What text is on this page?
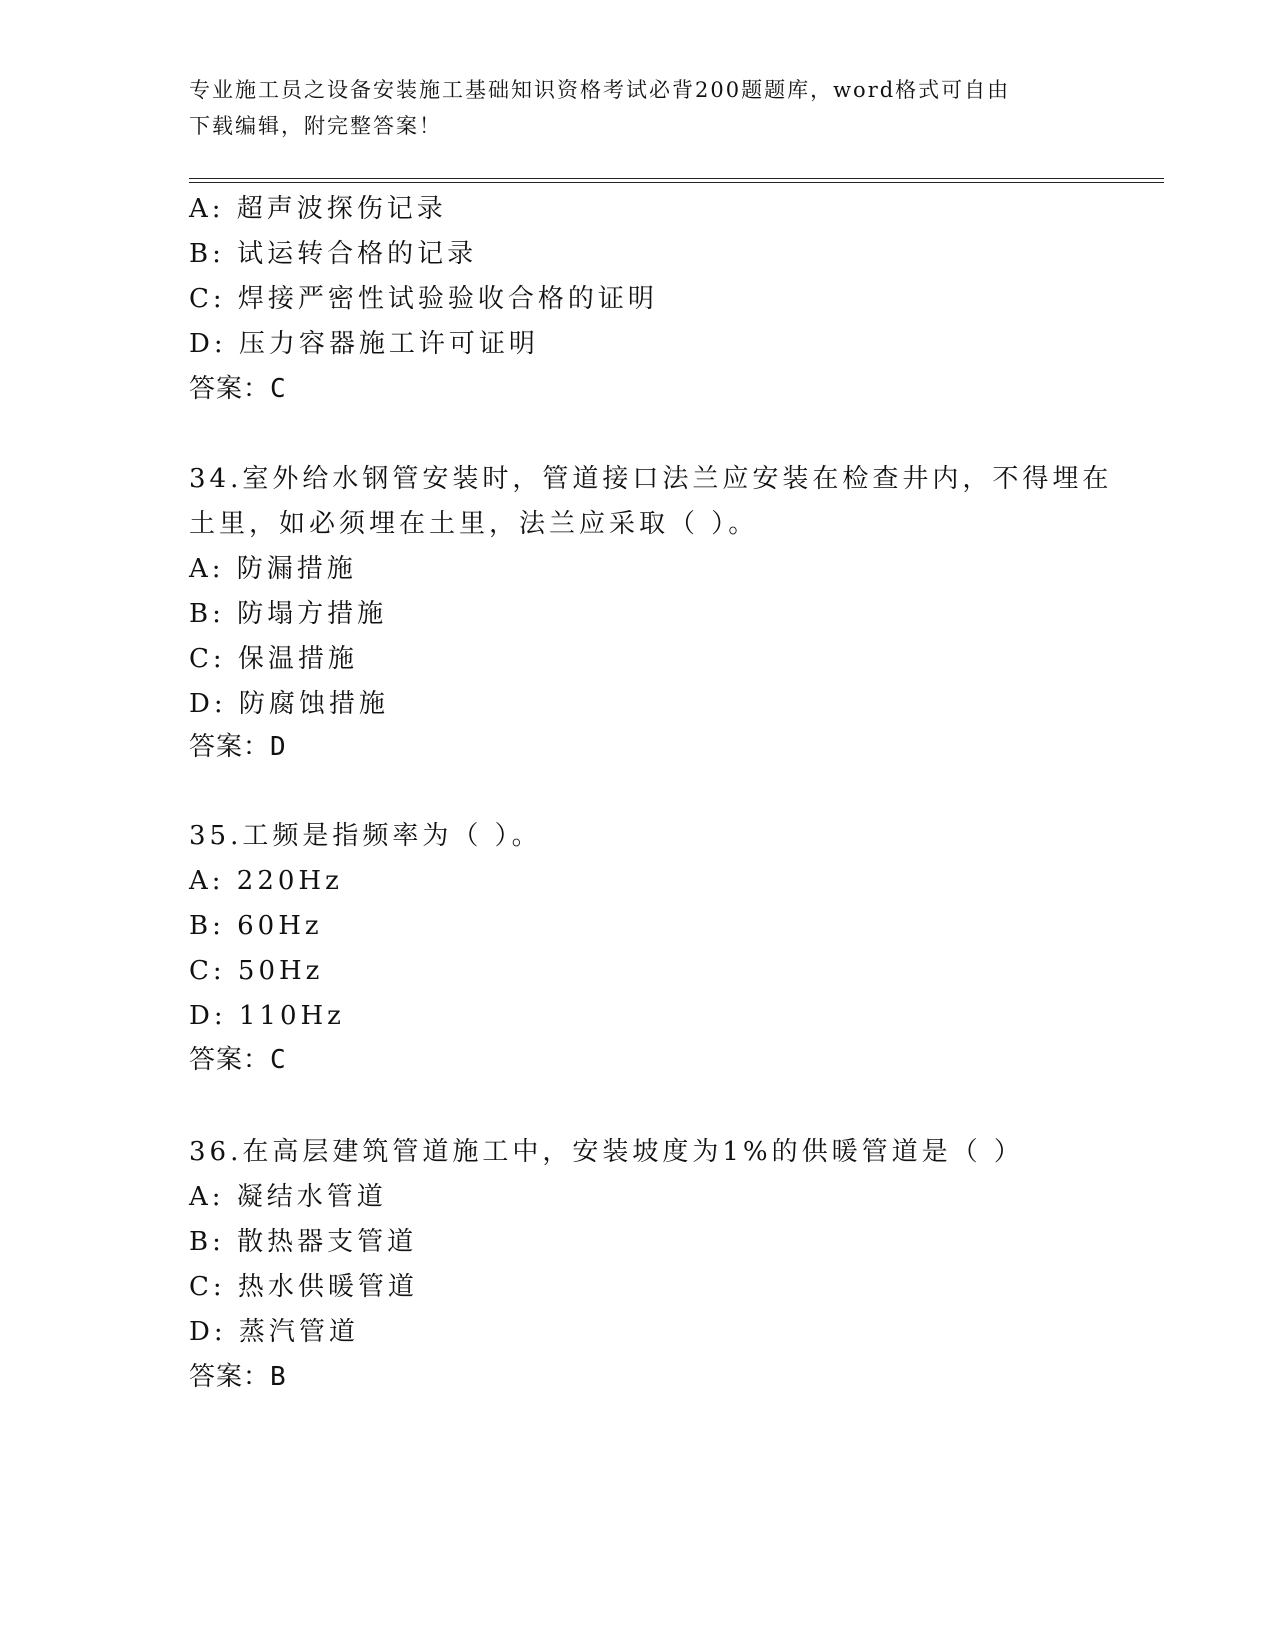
专业施工员之设备安装施工基础知识资格考试必背200题题库，word格式可自由
下载编辑，附完整答案！
A: 超声波探伤记录
B: 试运转合格的记录
C: 焊接严密性试验验收合格的证明
D: 压力容器施工许可证明
答案：C
34.室外给水钢管安装时，管道接口法兰应安装在检查井内，不得埋在
土里，如必须埋在土里，法兰应采取（ ）。
A: 防漏措施
B: 防塌方措施
C: 保温措施
D: 防腐蚀措施
答案：D
35.工频是指频率为（ ）。
A: 220Hz
B: 60Hz
C: 50Hz
D: 110Hz
答案：C
36.在高层建筑管道施工中，安装坡度为1%的供暖管道是（ ）
A: 凝结水管道
B: 散热器支管道
C: 热水供暖管道
D: 蒸汽管道
答案：B
